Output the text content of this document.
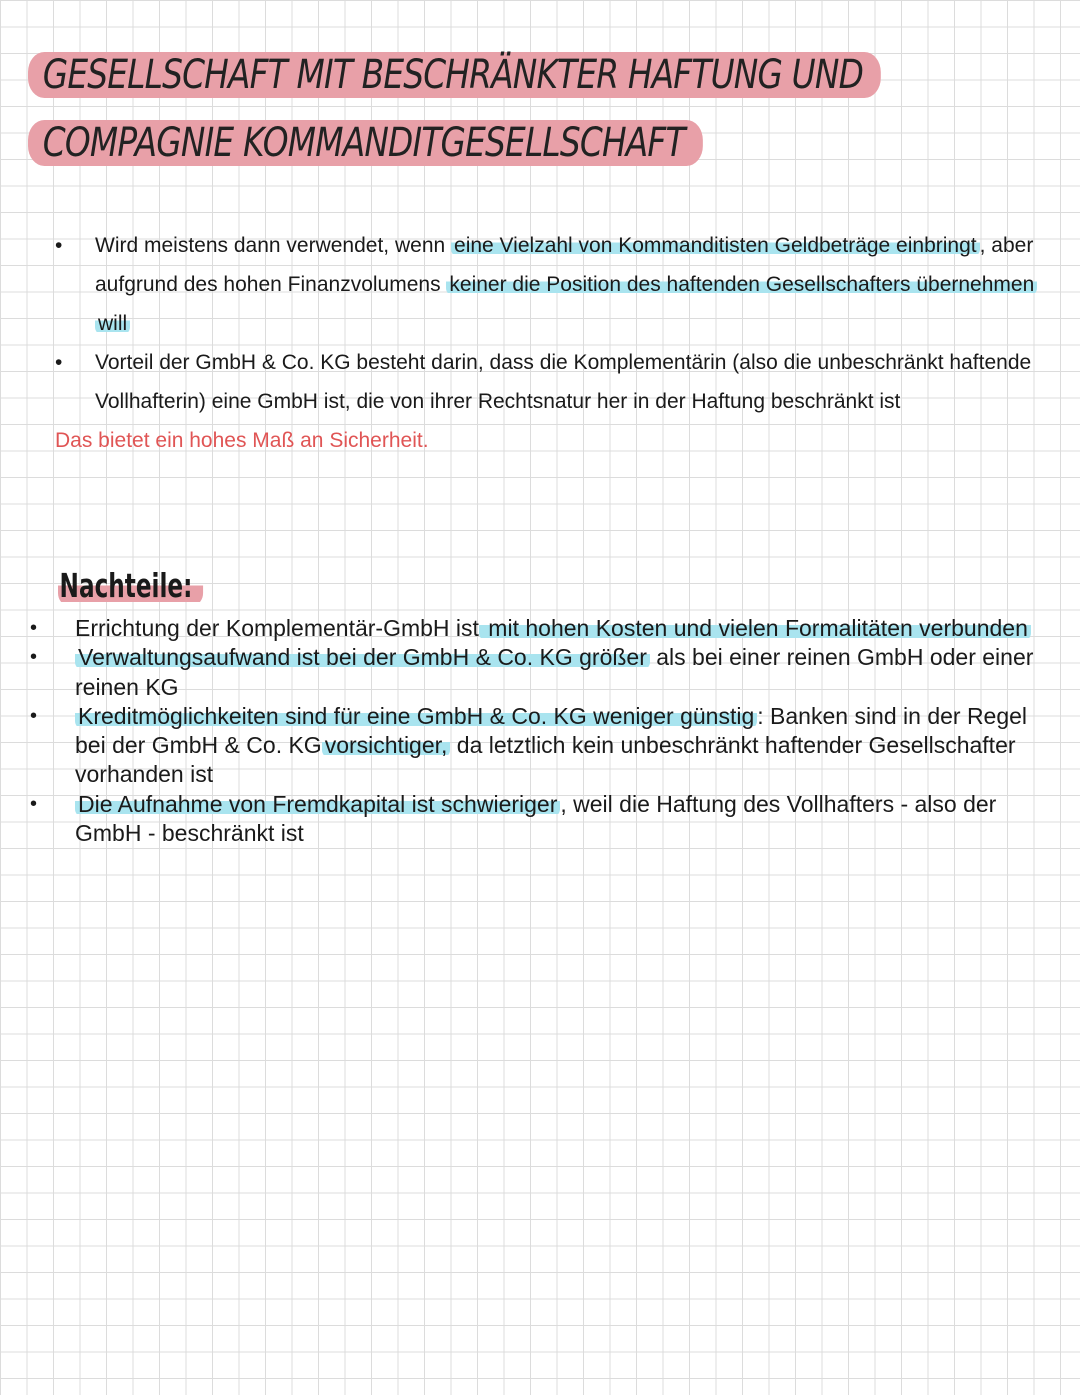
GESELLSCHAFT MIT BESCHRÄNKTER HAFTUNG UND
COMPAGNIE KOMMANDITGESELLSCHAFT
• Wird meistens dann verwendet, wenn eine Vielzahl von Kommanditisten Geldbeträge einbringt , aber aufgrund des hohen Finanzvolumens keiner die Position des haftenden Gesellschafters übernehmen will
• Vorteil der GmbH & Co. KG besteht darin, dass die Komplementärin (also die unbeschränkt haftende Vollhafterin) eine GmbH ist, die von ihrer Rechtsnatur her in der Haftung beschränkt ist
Das bietet ein hohes Maß an Sicherheit.
Nachteile:
• Errichtung der Komplementär-GmbH ist mit hohen Kosten und vielen Formalitäten verbunden
• Verwaltungsaufwand ist bei der GmbH & Co. KG größer als bei einer reinen GmbH oder einer reinen KG
• Kreditmöglichkeiten sind für eine GmbH & Co. KG weniger günstig : Banken sind in der Regel bei der GmbH & Co. KG vorsichtiger, da letztlich kein unbeschränkt haftender Gesellschafter vorhanden ist
• Die Aufnahme von Fremdkapital ist schwieriger , weil die Haftung des Vollhafters - also der GmbH - beschränkt ist
